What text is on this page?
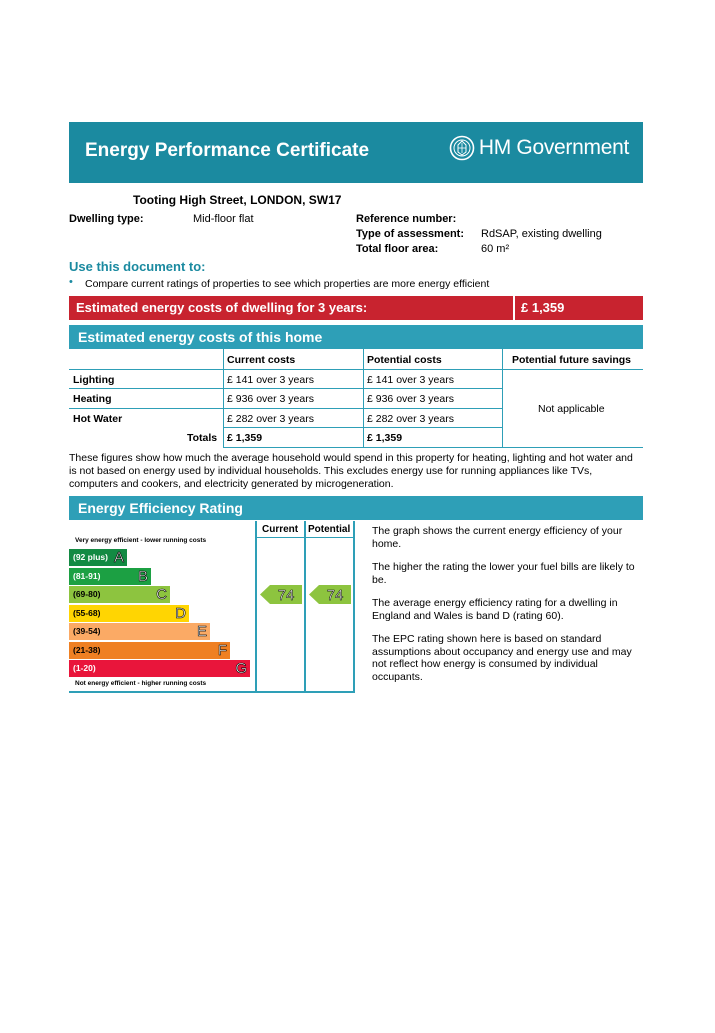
Energy Performance Certificate	HM Government
Tooting High Street, LONDON, SW17
Dwelling type:	Mid-floor flat	Reference number:
Type of assessment: RdSAP, existing dwelling
Total floor area:	60 m²
Use this document to:
• Compare current ratings of properties to see which properties are more energy efficient
Estimated energy costs of dwelling for 3 years:	£ 1,359
Estimated energy costs of this home
Current costs	Potential costs	Potential future savings
Lighting	£ 141 over 3 years	£ 141 over 3 years
Heating	£ 936 over 3 years	£ 936 over 3 years
Hot Water	£ 282 over 3 years	£ 282 over 3 years
Totals £ 1,359	£ 1,359
Not applicable
These figures show how much the average household would spend in this property for heating, lighting and hot water and is not based on energy used by individual households. This excludes energy use for running appliances like TVs, computers and cookers, and electricity generated by microgeneration.
Energy Efficiency Rating
Current Potential
Very energy efficient - lower running costs
Not energy efficient - higher running costs
(92 plus) A
(81-91)	B
(69-80)	C
(55-68)	D
(39-54)	E
(21-38)	F
(1-20)	G
74 74

The graph shows the current energy efficiency of your home.

The higher the rating the lower your fuel bills are likely to be.

The average energy efficiency rating for a dwelling in England and Wales is band D (rating 60).

The EPC rating shown here is based on standard assumptions about occupancy and energy use and may not reflect how energy is consumed by individual occupants.
